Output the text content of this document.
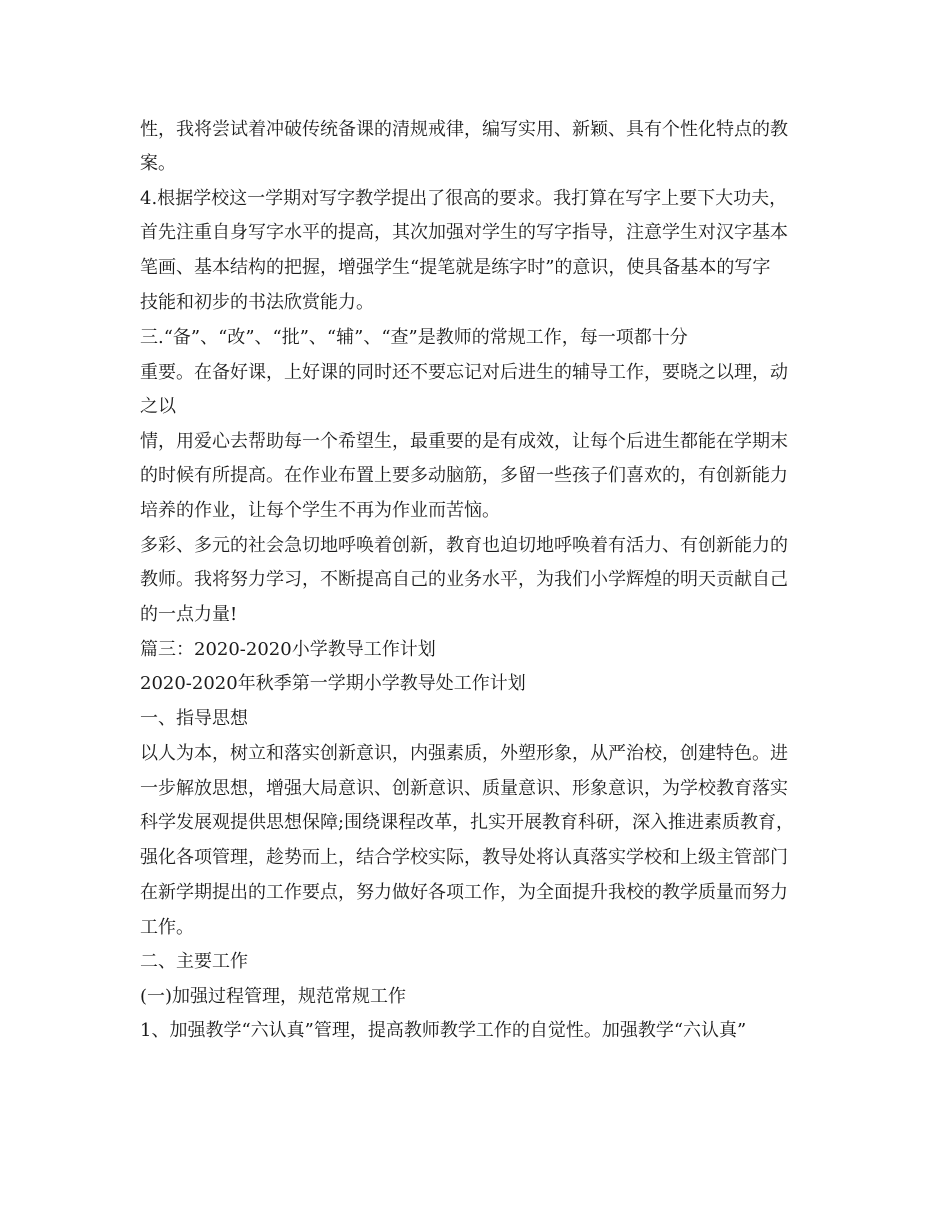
性，我将尝试着冲破传统备课的清规戒律，编写实用、新颖、具有个性化特点的教
案。
4.根据学校这一学期对写字教学提出了很高的要求。我打算在写字上要下大功夫，
首先注重自身写字水平的提高，其次加强对学生的写字指导，注意学生对汉字基本
笔画、基本结构的把握，增强学生“提笔就是练字时”的意识，使具备基本的写字
技能和初步的书法欣赏能力。
三.“备”、“改”、“批”、“辅”、“查”是教师的常规工作，每一项都十分
重要。在备好课，上好课的同时还不要忘记对后进生的辅导工作，要晓之以理，动
之以
情，用爱心去帮助每一个希望生，最重要的是有成效，让每个后进生都能在学期末
的时候有所提高。在作业布置上要多动脑筋，多留一些孩子们喜欢的，有创新能力
培养的作业，让每个学生不再为作业而苦恼。
多彩、多元的社会急切地呼唤着创新，教育也迫切地呼唤着有活力、有创新能力的
教师。我将努力学习，不断提高自己的业务水平，为我们小学辉煌的明天贡献自己
的一点力量!
篇三：2020-2020小学教导工作计划
2020-2020年秋季第一学期小学教导处工作计划
一、指导思想
以人为本，树立和落实创新意识，内强素质，外塑形象，从严治校，创建特色。进
一步解放思想，增强大局意识、创新意识、质量意识、形象意识，为学校教育落实
科学发展观提供思想保障;围绕课程改革，扎实开展教育科研，深入推进素质教育，
强化各项管理，趁势而上，结合学校实际，教导处将认真落实学校和上级主管部门
在新学期提出的工作要点，努力做好各项工作，为全面提升我校的教学质量而努力
工作。
二、主要工作
(一)加强过程管理，规范常规工作
1、加强教学“六认真”管理，提高教师教学工作的自觉性。加强教学“六认真”
